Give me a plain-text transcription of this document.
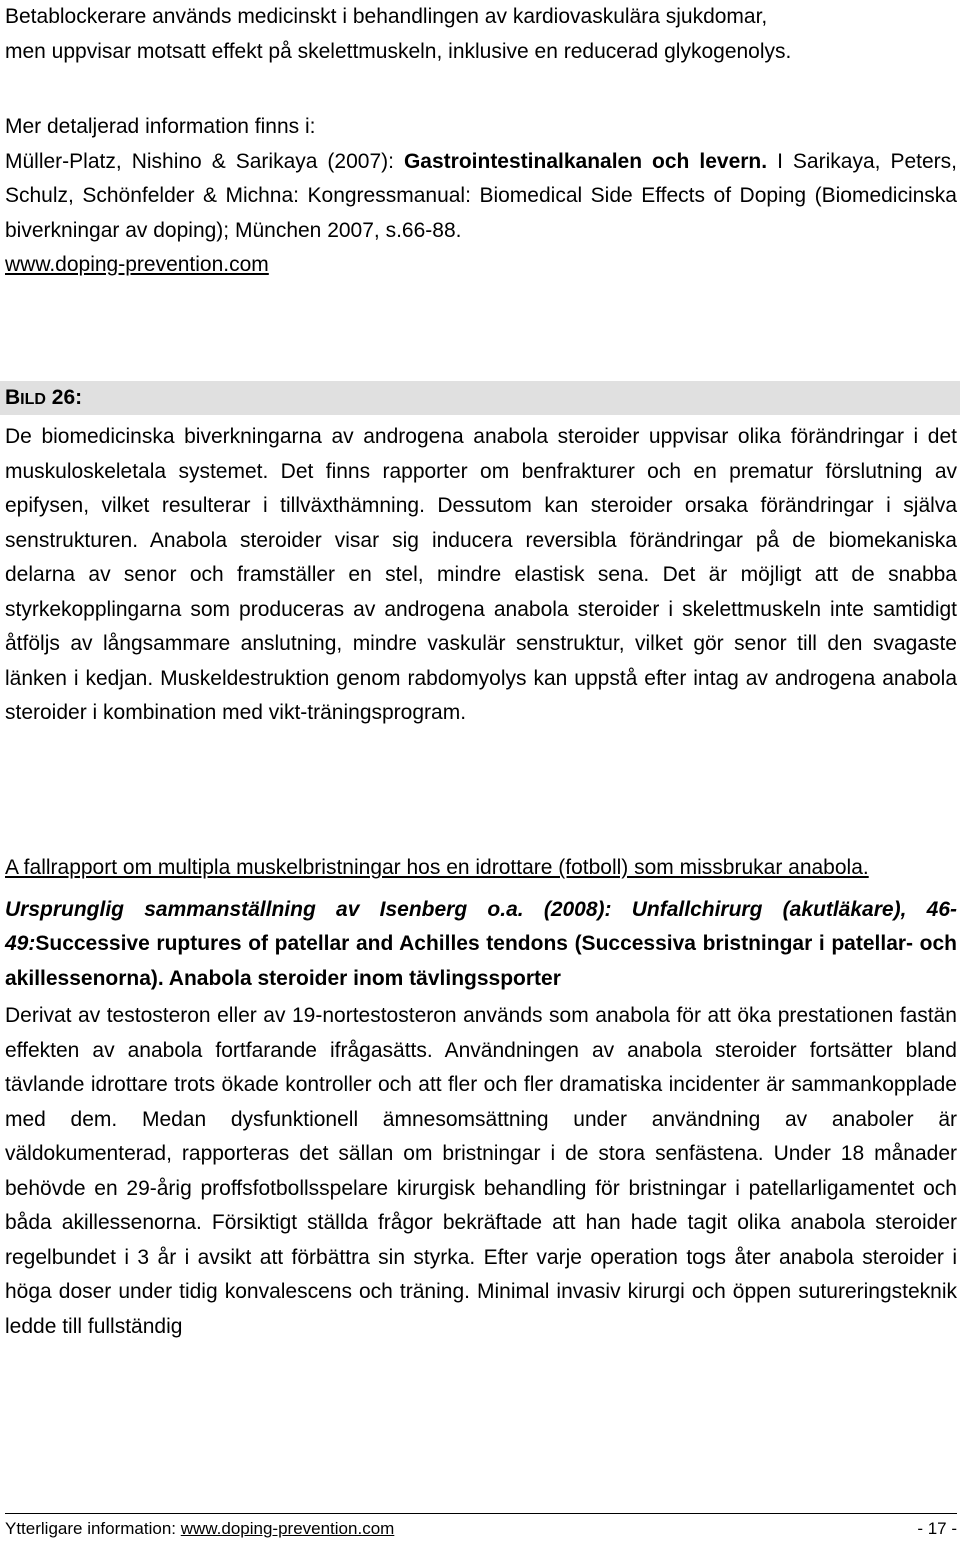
Betablockerare används medicinskt i behandlingen av kardiovaskulära sjukdomar,

men uppvisar motsatt effekt på skelettmuskeln, inklusive en reducerad glykogenolys.

Mer detaljerad information finns i:

Müller-Platz, Nishino & Sarikaya (2007): Gastrointestinalkanalen och levern. I Sarikaya, Peters, Schulz, Schönfelder & Michna: Kongressmanual: Biomedical Side Effects of Doping (Biomedicinska biverkningar av doping); München 2007, s.66-88.
www.doping-prevention.com

BILD 26:

De biomedicinska biverkningarna av androgena anabola steroider uppvisar olika förändringar i det muskuloskeletala systemet. Det finns rapporter om benfrakturer och en prematur förslutning av epifysen, vilket resulterar i tillväxthämning. Dessutom kan steroider orsaka förändringar i själva senstrukturen. Anabola steroider visar sig inducera reversibla förändringar på de biomekaniska delarna av senor och framställer en stel, mindre elastisk sena. Det är möjligt att de snabba styrkekopplingarna som produceras av androgena anabola steroider i skelettmuskeln inte samtidigt åtföljs av långsammare anslutning, mindre vaskulär senstruktur, vilket gör senor till den svagaste länken i kedjan. Muskeldestruktion genom rabdomyolys kan uppstå efter intag av androgena anabola steroider i kombination med vikt-träningsprogram.

A fallrapport om multipla muskelbristningar hos en idrottare (fotboll) som missbrukar anabola.

Ursprunglig sammanställning av Isenberg o.a. (2008): Unfallchirurg (akutläkare), 46-49:Successive ruptures of patellar and Achilles tendons (Successiva bristningar i patellar- och akillessenorna). Anabola steroider inom tävlingssporter

Derivat av testosteron eller av 19-nortestosteron används som anabola för att öka prestationen fastän effekten av anabola fortfarande ifrågasätts. Användningen av anabola steroider fortsätter bland tävlande idrottare trots ökade kontroller och att fler och fler dramatiska incidenter är sammankopplade med dem. Medan dysfunktionell ämnesomsättning under användning av anaboler är väldokumenterad, rapporteras det sällan om bristningar i de stora senfästena. Under 18 månader behövde en 29-årig proffsfotbollsspelare kirurgisk behandling för bristningar i patellarligamentet och båda akillessenorna. Försiktigt ställda frågor bekräftade att han hade tagit olika anabola steroider regelbundet i 3 år i avsikt att förbättra sin styrka. Efter varje operation togs åter anabola steroider i höga doser under tidig konvalescens och träning. Minimal invasiv kirurgi och öppen sutureringsteknik ledde till fullständig

Ytterligare information: www.doping-prevention.com	- 17 -
